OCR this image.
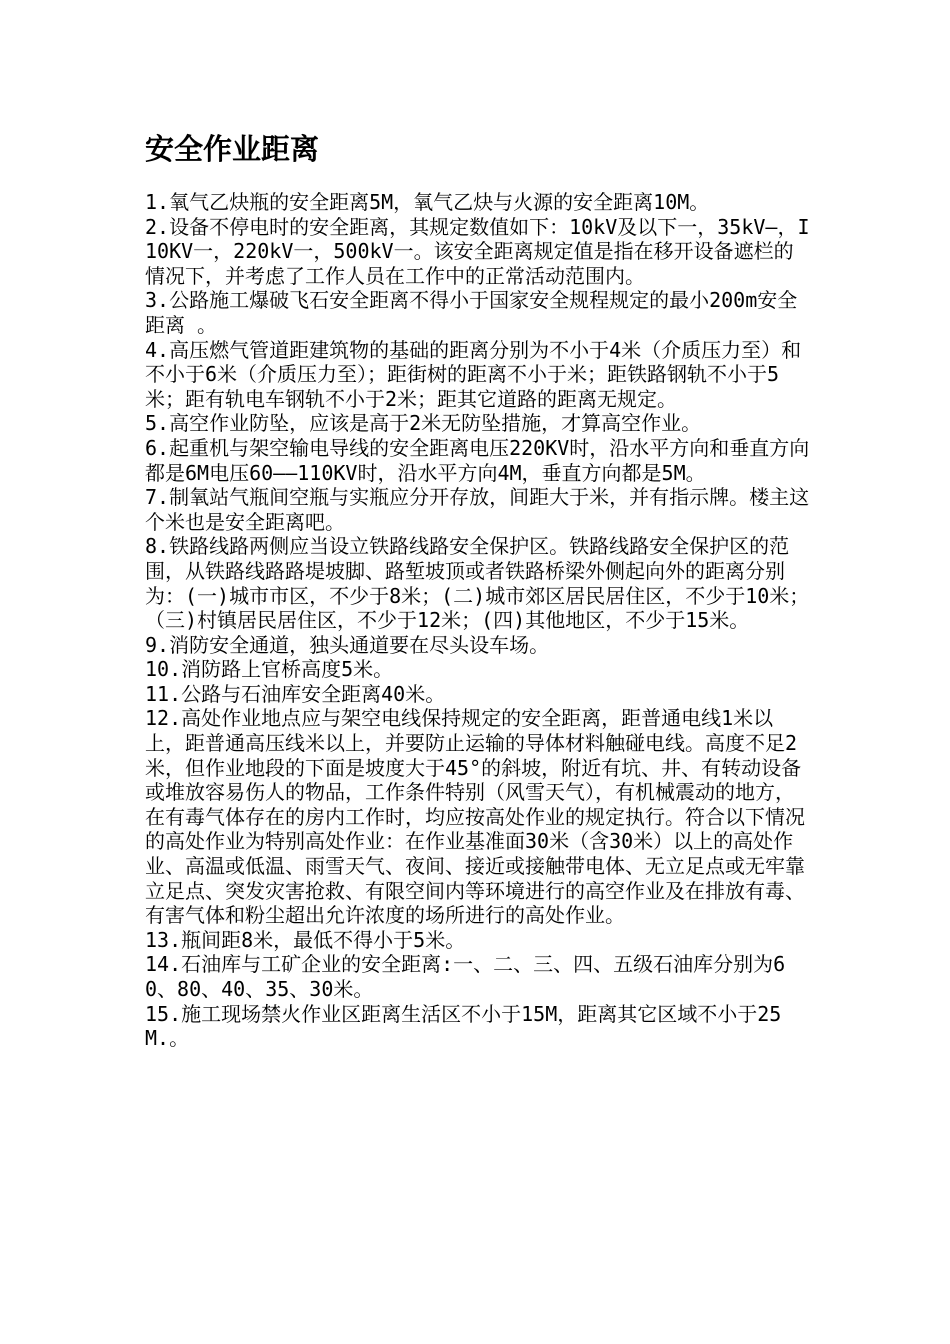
安全作业距离
1.氧气乙炔瓶的安全距离5M，氧气乙炔与火源的安全距离10M。
2.设备不停电时的安全距离，其规定数值如下：10kV及以下一，35kV—，I10KV一，220kV一，500kV一。该安全距离规定值是指在移开设备遮栏的情况下，并考虑了工作人员在工作中的正常活动范围内。
3.公路施工爆破飞石安全距离不得小于国家安全规程规定的最小200m安全距离 。
4.高压燃气管道距建筑物的基础的距离分别为不小于4米（介质压力至）和不小于6米（介质压力至）；距街树的距离不小于米；距铁路钢轨不小于5米；距有轨电车钢轨不小于2米；距其它道路的距离无规定。
5.高空作业防坠，应该是高于2米无防坠措施，才算高空作业。
6.起重机与架空输电导线的安全距离电压220KV时，沿水平方向和垂直方向都是6M电压60——110KV时，沿水平方向4M，垂直方向都是5M。
7.制氧站气瓶间空瓶与实瓶应分开存放，间距大于米，并有指示牌。楼主这个米也是安全距离吧。
8.铁路线路两侧应当设立铁路线路安全保护区。铁路线路安全保护区的范围，从铁路线路路堤坡脚、路堑坡顶或者铁路桥梁外侧起向外的距离分别为：(一)城市市区，不少于8米；(二)城市郊区居民居住区，不少于10米；（三)村镇居民居住区，不少于12米；(四)其他地区，不少于15米。
9.消防安全通道，独头通道要在尽头设车场。
10.消防路上官桥高度5米。
11.公路与石油库安全距离40米。
12.高处作业地点应与架空电线保持规定的安全距离，距普通电线1米以上，距普通高压线米以上，并要防止运输的导体材料触碰电线。高度不足2米，但作业地段的下面是坡度大于45°的斜坡，附近有坑、井、有转动设备或堆放容易伤人的物品，工作条件特别（风雪天气），有机械震动的地方，在有毒气体存在的房内工作时，均应按高处作业的规定执行。符合以下情况的高处作业为特别高处作业：在作业基准面30米（含30米）以上的高处作业、高温或低温、雨雪天气、夜间、接近或接触带电体、无立足点或无牢靠立足点、突发灾害抢救、有限空间内等环境进行的高空作业及在排放有毒、有害气体和粉尘超出允许浓度的场所进行的高处作业。
13.瓶间距8米，最低不得小于5米。
14.石油库与工矿企业的安全距离:一、二、三、四、五级石油库分别为60、80、40、35、30米。
15.施工现场禁火作业区距离生活区不小于15M，距离其它区域不小于25M.。
